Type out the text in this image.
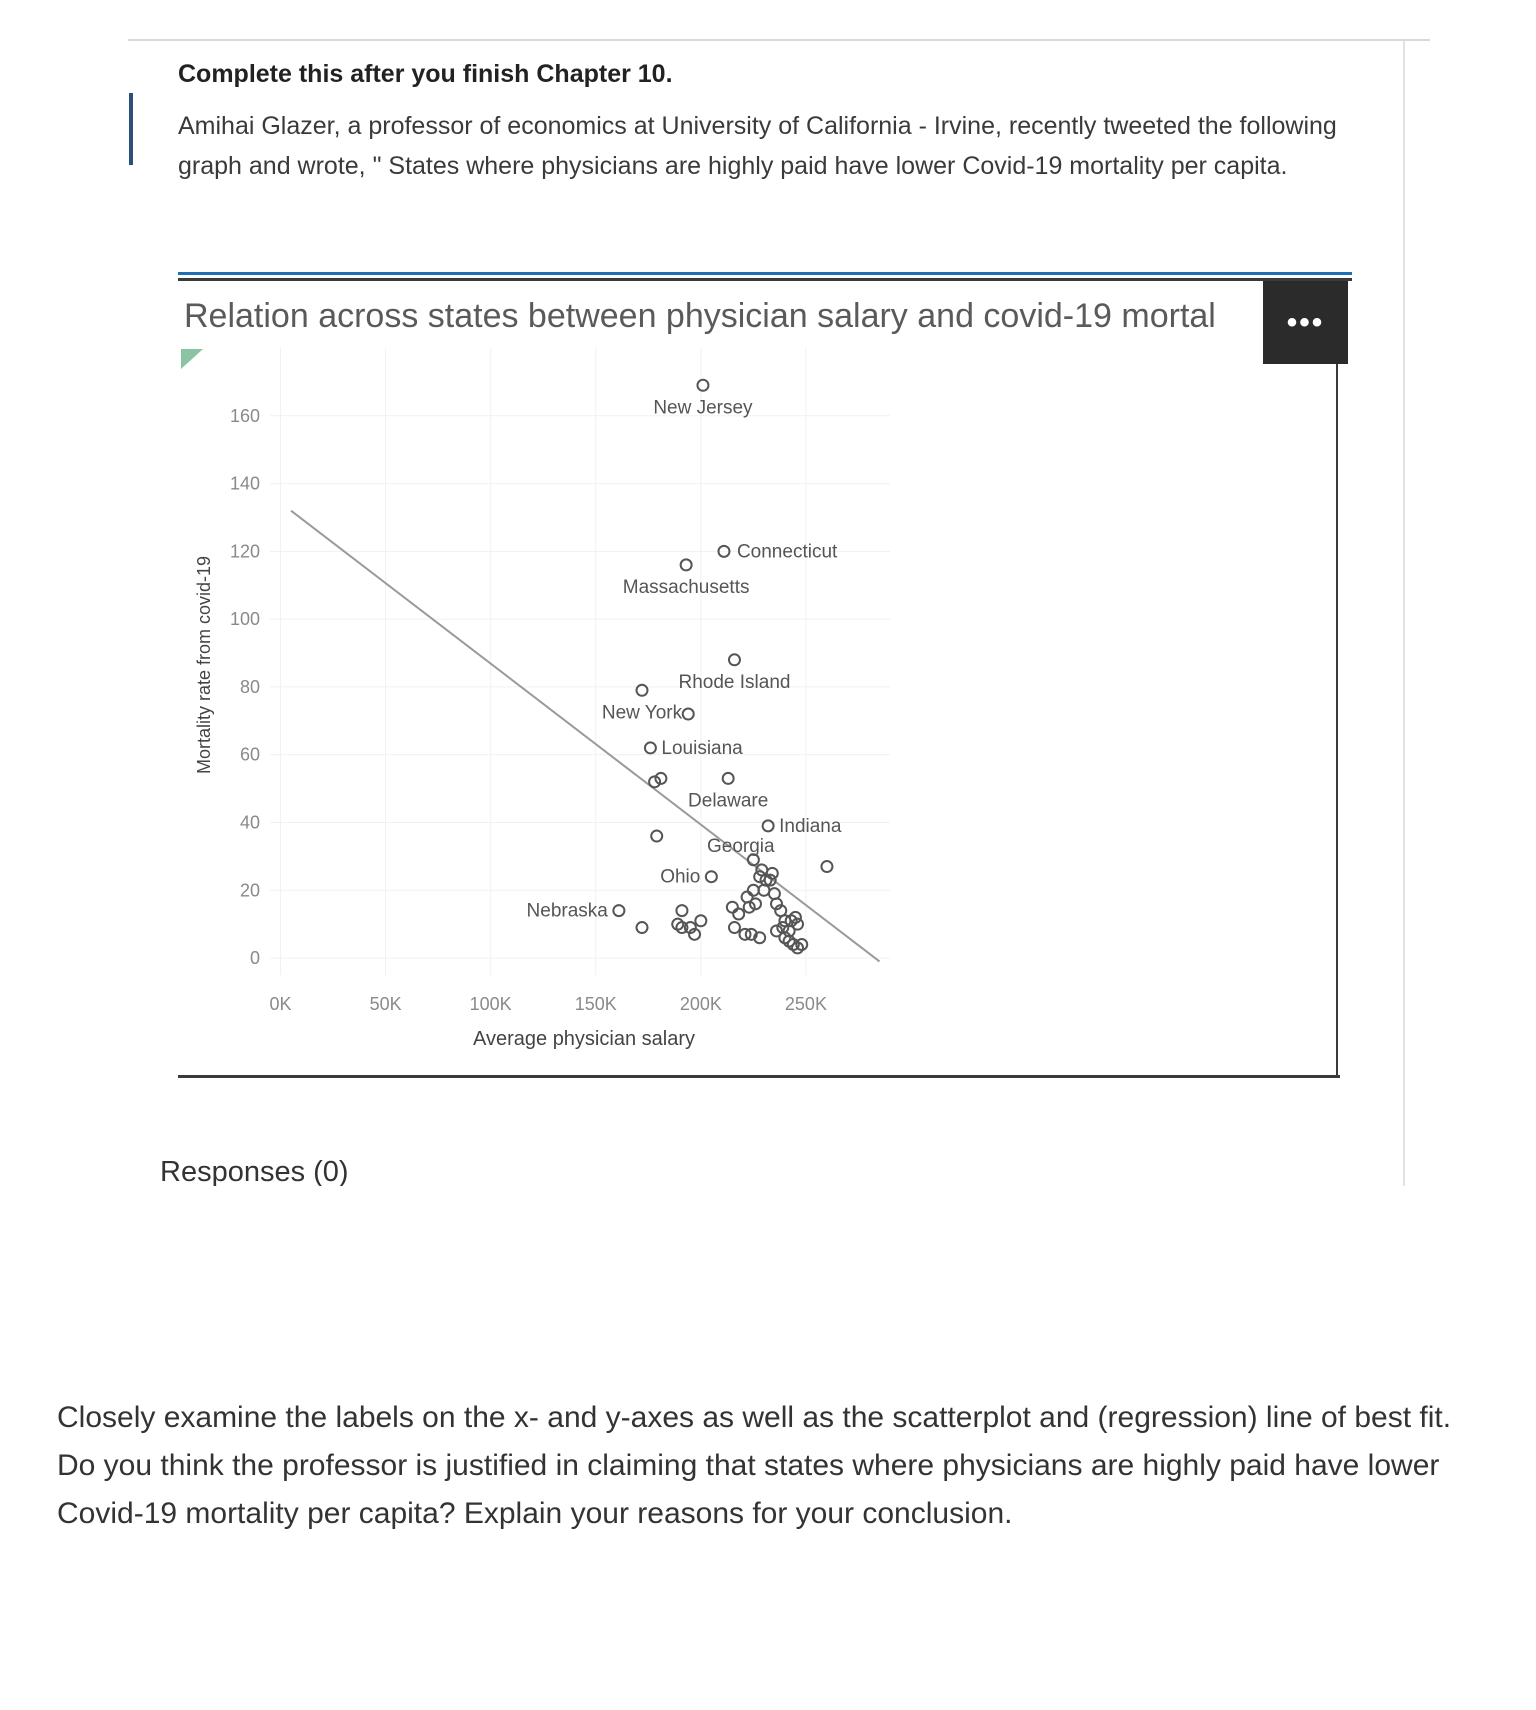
Complete this after you finish Chapter 10.
Amihai Glazer, a professor of economics at University of California - Irvine, recently tweeted the following graph and wrote, " States where physicians are highly paid have lower Covid-19 mortality per capita.
Relation across states between physician salary and covid-19 mortal	•••
0
20
40
60
80
100
120
140
160
0K	50K	100K	150K	200K	250K
New Jersey
Connecticut
Massachusetts
Rhode Island
New York
Louisiana
Delaware
Indiana
Georgia
Ohio
Nebraska
Average physician salary
Mortality rate from covid-19
Responses (0)
Closely examine the labels on the x- and y-axes as well as the scatterplot and (regression) line of best fit. Do you think the professor is justified in claiming that states where physicians are highly paid have lower Covid-19 mortality per capita? Explain your reasons for your conclusion.
